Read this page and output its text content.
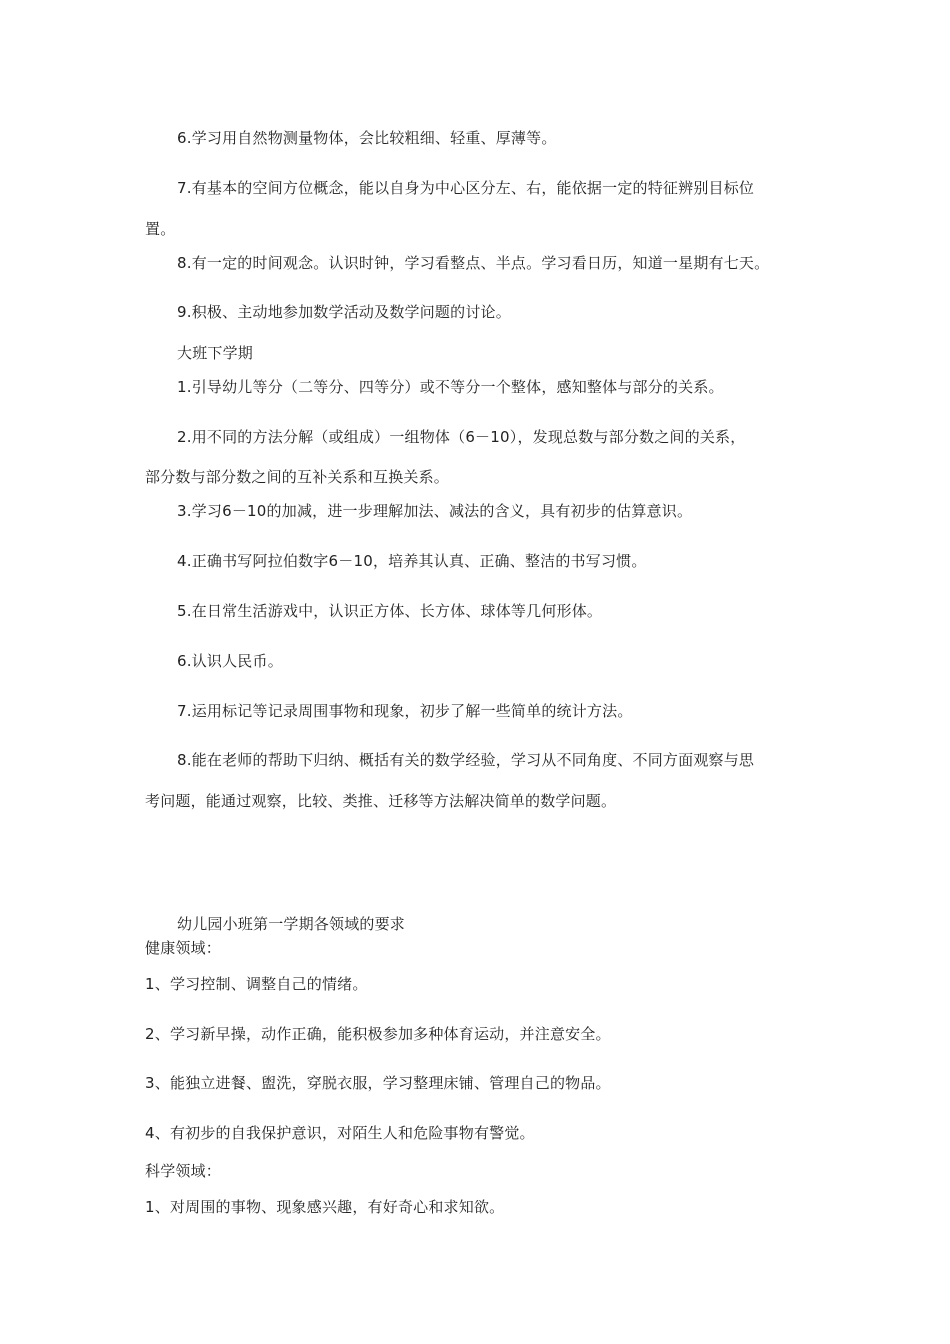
6.学习用自然物测量物体，会比较粗细、轻重、厚薄等。
7.有基本的空间方位概念，能以自身为中心区分左、右，能依据一定的特征辨别目标位
置。
8.有一定的时间观念。认识时钟，学习看整点、半点。学习看日历，知道一星期有七天。
9.积极、主动地参加数学活动及数学问题的讨论。
大班下学期
1.引导幼儿等分（二等分、四等分）或不等分一个整体，感知整体与部分的关系。
2.用不同的方法分解（或组成）一组物体（6－10），发现总数与部分数之间的关系，
部分数与部分数之间的互补关系和互换关系。
3.学习6－10的加减，进一步理解加法、减法的含义，具有初步的估算意识。
4.正确书写阿拉伯数字6－10，培养其认真、正确、整洁的书写习惯。
5.在日常生活游戏中，认识正方体、长方体、球体等几何形体。
6.认识人民币。
7.运用标记等记录周围事物和现象，初步了解一些简单的统计方法。
8.能在老师的帮助下归纳、概括有关的数学经验，学习从不同角度、不同方面观察与思
考问题，能通过观察，比较、类推、迁移等方法解决简单的数学问题。
幼儿园小班第一学期各领域的要求
健康领域：
1、学习控制、调整自己的情绪。
2、学习新早操，动作正确，能积极参加多种体育运动，并注意安全。
3、能独立进餐、盥洗，穿脱衣服，学习整理床铺、管理自己的物品。
4、有初步的自我保护意识，对陌生人和危险事物有警觉。
科学领域：
1、对周围的事物、现象感兴趣，有好奇心和求知欲。
